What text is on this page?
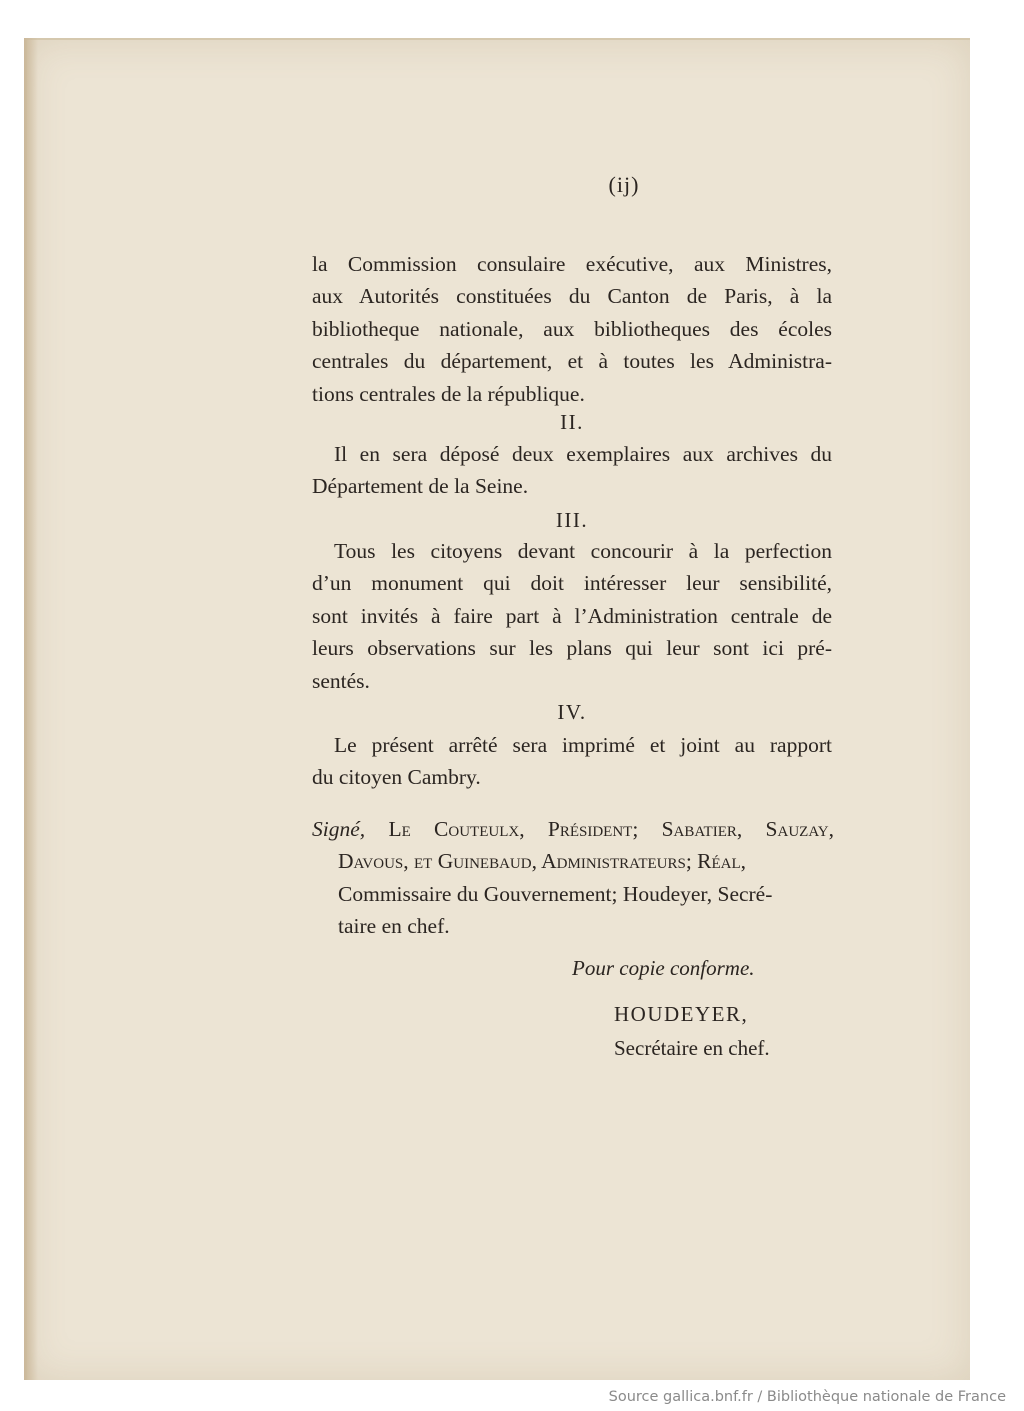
(ij)
la Commission consulaire exécutive, aux Ministres,
aux Autorités constituées du Canton de Paris, à la
bibliotheque nationale, aux bibliotheques des écoles
centrales du département, et à toutes les Administra-
tions centrales de la république.
II.
Il en sera déposé deux exemplaires aux archives du
Département de la Seine.
III.
Tous les citoyens devant concourir à la perfection
d’un monument qui doit intéresser leur sensibilité,
sont invités à faire part à l’Administration centrale de
leurs observations sur les plans qui leur sont ici pré-
sentés.
IV.
Le présent arrêté sera imprimé et joint au rapport
du citoyen Cambry.
Signé, Le Couteulx, Président; Sabatier, Sauzay,
Davous, et Guinebaud, Administrateurs; Réal,
Commissaire du Gouvernement; Houdeyer, Secré-
taire en chef.
Pour copie conforme.
HOUDEYER,
Secrétaire en chef.
Source gallica.bnf.fr / Bibliothèque nationale de France
